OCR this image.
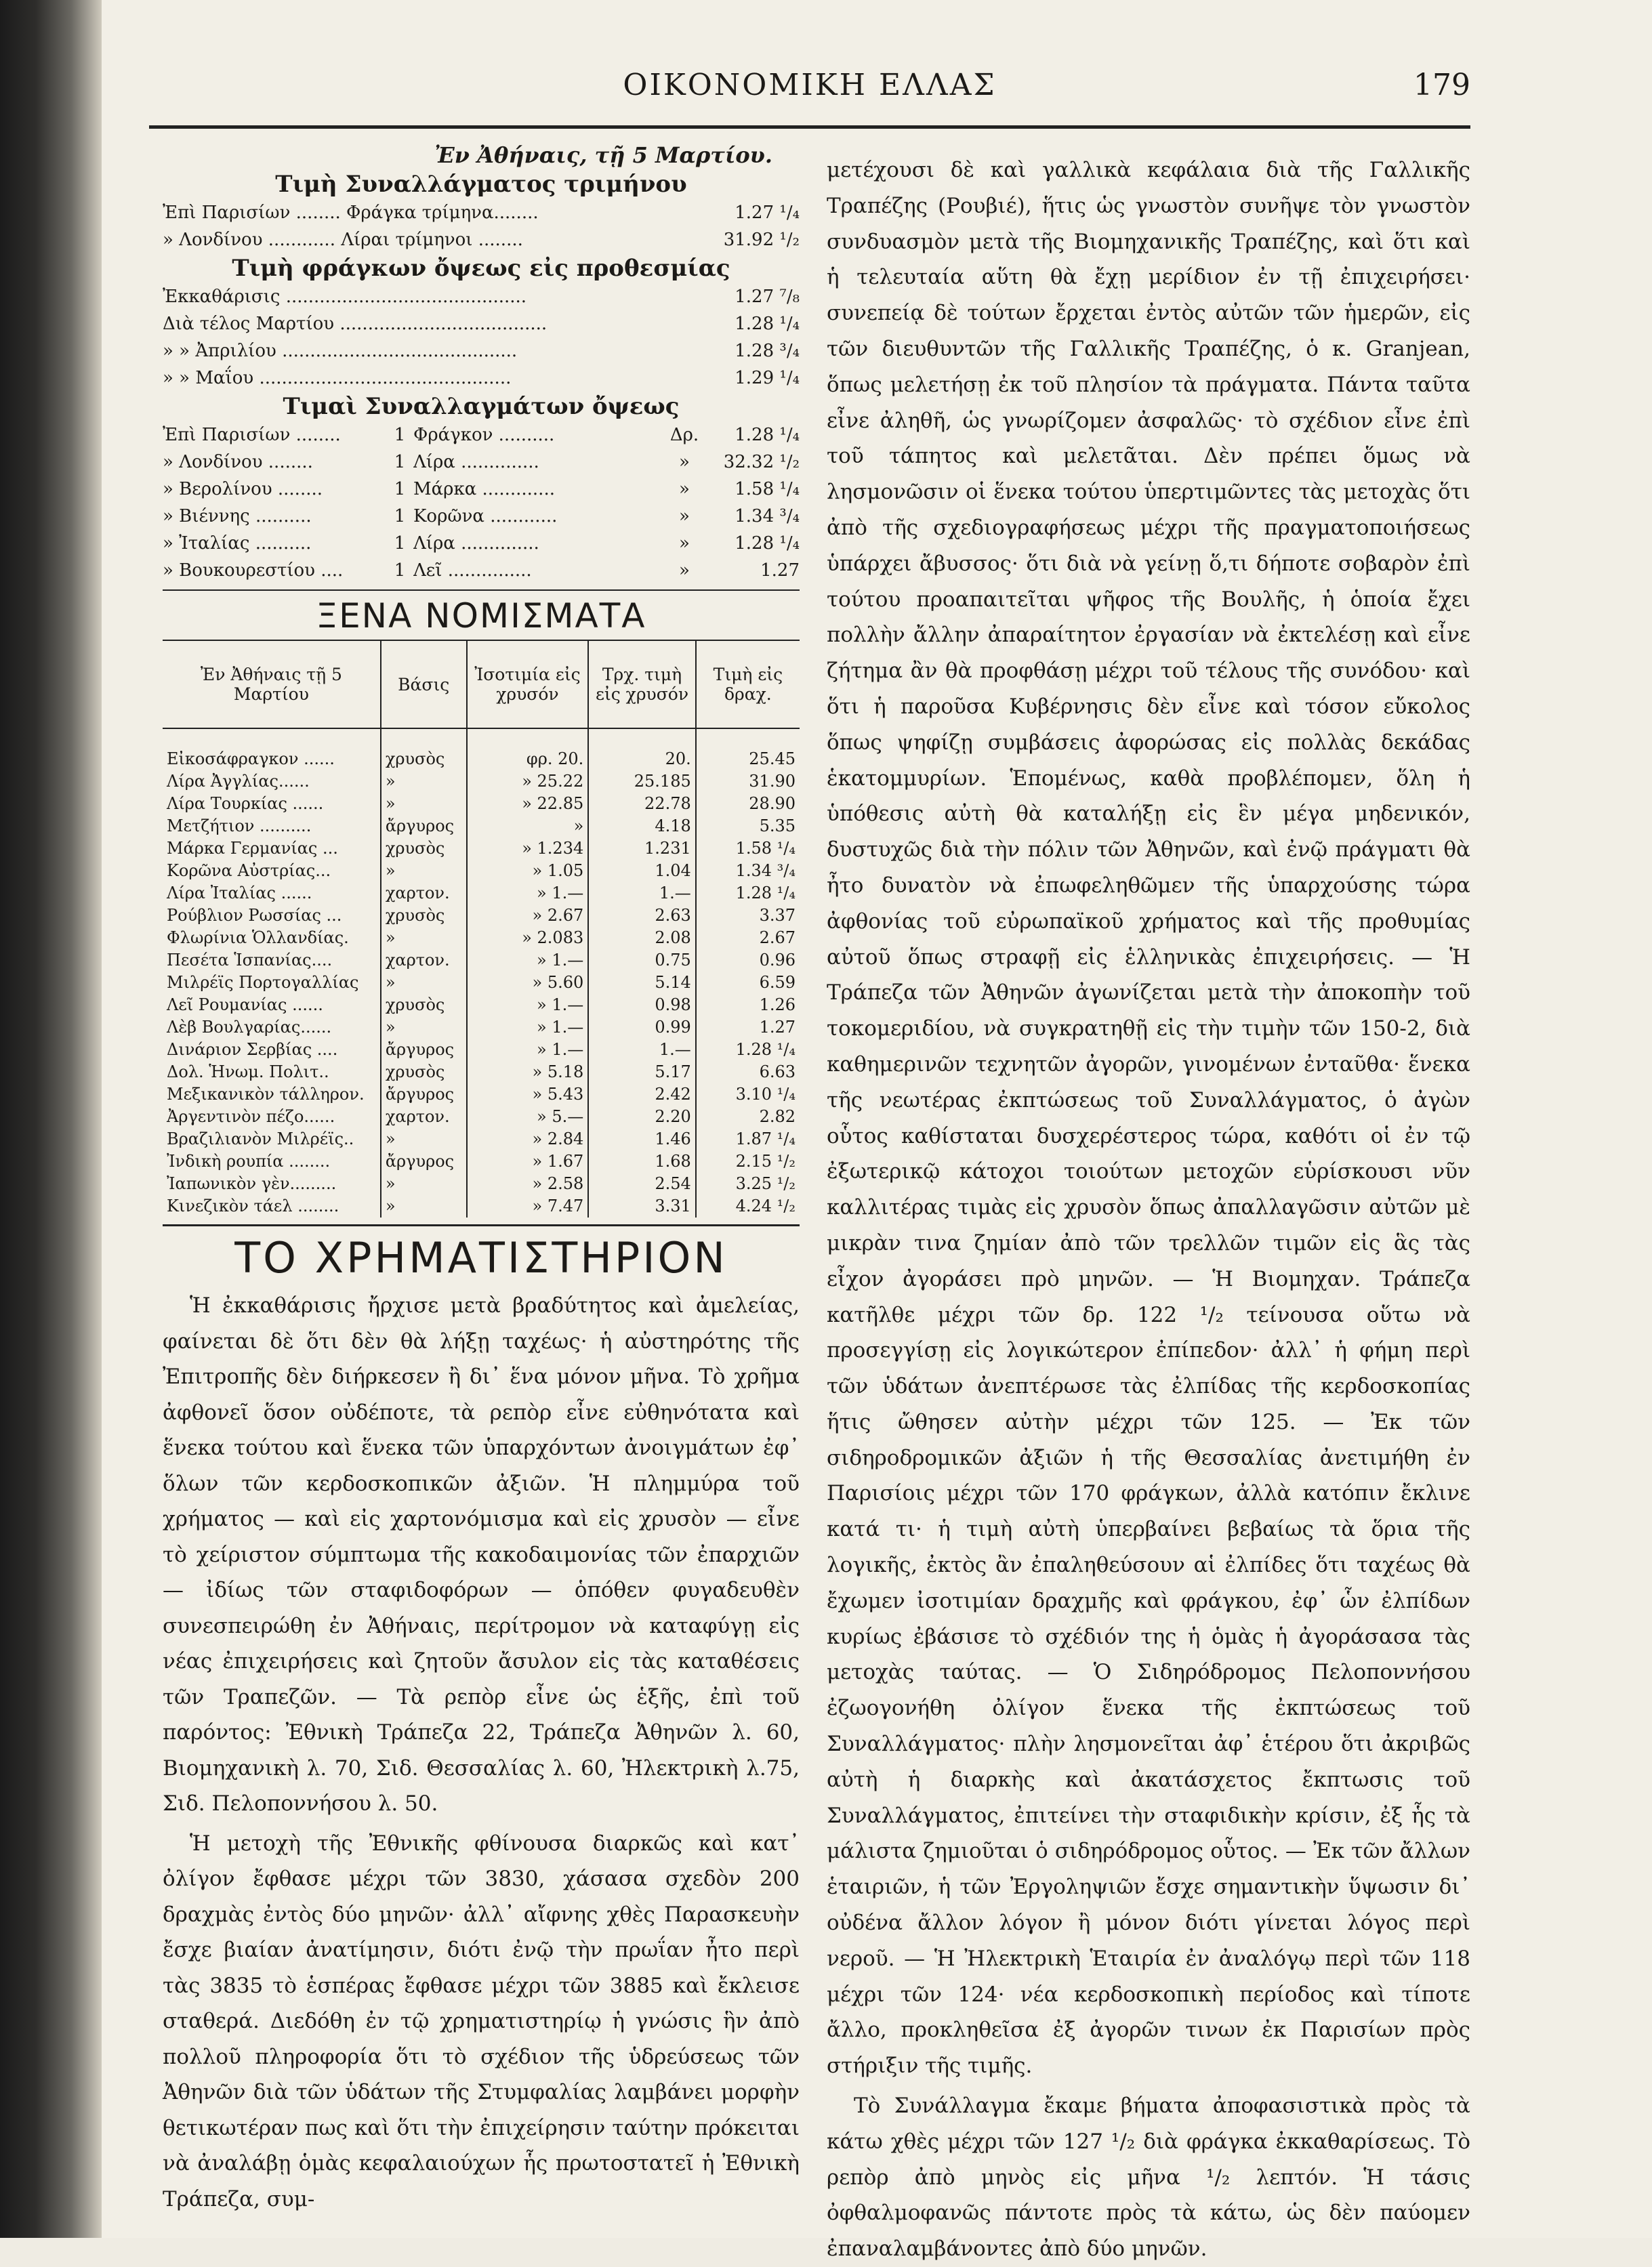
ΟΙΚΟΝΟΜΙΚΗ ΕΛΛΑΣ	179
Ἐν Ἀθήναις, τῇ 5 Μαρτίου.
Τιμὴ Συναλλάγματος τριμήνου
Ἐπὶ Παρισίων ........ Φράγκα τρίμηνα........	1.27 ¹/₄
» Λονδίνου ............ Λίραι τρίμηνοι ........	31.92 ¹/₂
Τιμὴ φράγκων ὄψεως εἰς προθεσμίας
Ἐκκαθάρισις ...........................................	1.27 ⁷/₈
Διὰ τέλος Μαρτίου .....................................	1.28 ¹/₄
» » Ἀπριλίου ..........................................	1.28 ³/₄
» » Μαΐου .............................................	1.29 ¹/₄
Τιμαὶ Συναλλαγμάτων ὄψεως
Ἐπὶ Παρισίων ........	1 Φράγκον ..........	Δρ.	1.28 ¹/₄
» Λονδίνου ........	1 Λίρα ..............	»	32.32 ¹/₂
» Βερολίνου ........	1 Μάρκα .............	»	1.58 ¹/₄
» Βιέννης ..........	1 Κορῶνα ............	»	1.34 ³/₄
» Ἰταλίας ..........	1 Λίρα ..............	»	1.28 ¹/₄
» Βουκουρεστίου ....	1 Λεῖ ...............	»	1.27
ΞΕΝΑ ΝΟΜΙΣΜΑΤΑ
Ἐν Ἀθήναις τῇ 5 Μαρτίου	Βάσις	Ἰσοτιμία εἰς χρυσόν	Τρχ. τιμὴ εἰς χρυσόν	Τιμὴ εἰς δραχ.
Εἰκοσάφραγκον ......	χρυσὸς	φρ. 20.	20.	25.45
Λίρα Ἀγγλίας......	»	» 25.22	25.185	31.90
Λίρα Τουρκίας ......	»	» 22.85	22.78	28.90
Μετζήτιον ..........	ἄργυρος	»	4.18	5.35
Μάρκα Γερμανίας ...	χρυσὸς	» 1.234	1.231	1.58 ¹/₄
Κορῶνα Αὐστρίας...	»	» 1.05	1.04	1.34 ³/₄
Λίρα Ἰταλίας ......	χαρτον.	» 1.—	1.—	1.28 ¹/₄
Ρούβλιον Ρωσσίας ...	χρυσὸς	» 2.67	2.63	3.37
Φλωρίνια Ὁλλανδίας.	»	» 2.083	2.08	2.67
Πεσέτα Ἱσπανίας....	χαρτον.	» 1.—	0.75	0.96
Μιλρέϊς Πορτογαλλίας	»	» 5.60	5.14	6.59
Λεῖ Ρουμανίας ......	χρυσὸς	» 1.—	0.98	1.26
Λὲβ Βουλγαρίας......	»	» 1.—	0.99	1.27
Δινάριον Σερβίας ....	ἄργυρος	» 1.—	1.—	1.28 ¹/₄
Δολ. Ἡνωμ. Πολιτ..	χρυσὸς	» 5.18	5.17	6.63
Μεξικανικὸν τάλληρον.	ἄργυρος	» 5.43	2.42	3.10 ¹/₄
Ἀργεντινὸν πέζο......	χαρτον.	» 5.—	2.20	2.82
Βραζιλιανὸν Μιλρέϊς..	»	» 2.84	1.46	1.87 ¹/₄
Ἰνδικὴ ρουπία ........	ἄργυρος	» 1.67	1.68	2.15 ¹/₂
Ἰαπωνικὸν γὲν.........	»	» 2.58	2.54	3.25 ¹/₂
Κινεζικὸν τάελ ........	»	» 7.47	3.31	4.24 ¹/₂
ΤΟ ΧΡΗΜΑΤΙΣΤΗΡΙΟΝ

Ἡ ἐκκαθάρισις ἤρχισε μετὰ βραδύτητος καὶ ἀμελείας, φαίνεται δὲ ὅτι δὲν θὰ λήξῃ ταχέως· ἡ αὐστηρότης τῆς Ἐπιτροπῆς δὲν διήρκεσεν ἢ δι᾿ ἕνα μόνον μῆνα. Τὸ χρῆμα ἀφθονεῖ ὅσον οὐδέποτε, τὰ ρεπὸρ εἶνε εὐθηνότατα καὶ ἕνεκα τούτου καὶ ἕνεκα τῶν ὑπαρχόντων ἀνοιγμάτων ἐφ᾿ ὅλων τῶν κερδοσκοπικῶν ἀξιῶν. Ἡ πλημμύρα τοῦ χρήματος — καὶ εἰς χαρτονόμισμα καὶ εἰς χρυσὸν — εἶνε τὸ χείριστον σύμπτωμα τῆς κακοδαιμονίας τῶν ἐπαρχιῶν — ἰδίως τῶν σταφιδοφόρων — ὁπόθεν φυγαδευθὲν συνεσπειρώθη ἐν Ἀθήναις, περίτρομον νὰ καταφύγῃ εἰς νέας ἐπιχειρήσεις καὶ ζητοῦν ἄσυλον εἰς τὰς καταθέσεις τῶν Τραπεζῶν. — Τὰ ρεπὸρ εἶνε ὡς ἑξῆς, ἐπὶ τοῦ παρόντος: Ἐθνικὴ Τράπεζα 22, Τράπεζα Ἀθηνῶν λ. 60, Βιομηχανικὴ λ. 70, Σιδ. Θεσσαλίας λ. 60, Ἠλεκτρικὴ λ.75, Σιδ. Πελοποννήσου λ. 50.

Ἡ μετοχὴ τῆς Ἐθνικῆς φθίνουσα διαρκῶς καὶ κατ᾿ ὀλίγον ἔφθασε μέχρι τῶν 3830, χάσασα σχεδὸν 200 δραχμὰς ἐντὸς δύο μηνῶν· ἀλλ᾿ αἴφνης χθὲς Παρασκευὴν ἔσχε βιαίαν ἀνατίμησιν, διότι ἐνῷ τὴν πρωΐαν ἦτο περὶ τὰς 3835 τὸ ἑσπέρας ἔφθασε μέχρι τῶν 3885 καὶ ἔκλεισε σταθερά. Διεδόθη ἐν τῷ χρηματιστηρίῳ ἡ γνώσις ἣν ἀπὸ πολλοῦ πληροφορία ὅτι τὸ σχέδιον τῆς ὑδρεύσεως τῶν Ἀθηνῶν διὰ τῶν ὑδάτων τῆς Στυμφαλίας λαμβάνει μορφὴν θετικωτέραν πως καὶ ὅτι τὴν ἐπιχείρησιν ταύτην πρόκειται νὰ ἀναλάβῃ ὁμὰς κεφαλαιούχων ἧς πρωτοστατεῖ ἡ Ἐθνικὴ Τράπεζα, συμ-

μετέχουσι δὲ καὶ γαλλικὰ κεφάλαια διὰ τῆς Γαλλικῆς Τραπέζης (Ρουβιέ), ἥτις ὡς γνωστὸν συνῆψε τὸν γνωστὸν συνδυασμὸν μετὰ τῆς Βιομηχανικῆς Τραπέζης, καὶ ὅτι καὶ ἡ τελευταία αὕτη θὰ ἔχῃ μερίδιον ἐν τῇ ἐπιχειρήσει· συνεπείᾳ δὲ τούτων ἔρχεται ἐντὸς αὐτῶν τῶν ἡμερῶν, εἰς τῶν διευθυντῶν τῆς Γαλλικῆς Τραπέζης, ὁ κ. Granjean, ὅπως μελετήσῃ ἐκ τοῦ πλησίον τὰ πράγματα. Πάντα ταῦτα εἶνε ἀληθῆ, ὡς γνωρίζομεν ἀσφαλῶς· τὸ σχέδιον εἶνε ἐπὶ τοῦ τάπητος καὶ μελετᾶται. Δὲν πρέπει ὅμως νὰ λησμονῶσιν οἱ ἕνεκα τούτου ὑπερτιμῶντες τὰς μετοχὰς ὅτι ἀπὸ τῆς σχεδιογραφήσεως μέχρι τῆς πραγματοποιήσεως ὑπάρχει ἄβυσσος· ὅτι διὰ νὰ γείνῃ ὅ,τι δήποτε σοβαρὸν ἐπὶ τούτου προαπαιτεῖται ψῆφος τῆς Βουλῆς, ἡ ὁποία ἔχει πολλὴν ἄλλην ἀπαραίτητον ἐργασίαν νὰ ἐκτελέσῃ καὶ εἶνε ζήτημα ἂν θὰ προφθάσῃ μέχρι τοῦ τέλους τῆς συνόδου· καὶ ὅτι ἡ παροῦσα Κυβέρνησις δὲν εἶνε καὶ τόσον εὔκολος ὅπως ψηφίζῃ συμβάσεις ἀφορώσας εἰς πολλὰς δεκάδας ἑκατομμυρίων. Ἑπομένως, καθὰ προβλέπομεν, ὅλη ἡ ὑπόθεσις αὐτὴ θὰ καταλήξῃ εἰς ἓν μέγα μηδενικόν, δυστυχῶς διὰ τὴν πόλιν τῶν Ἀθηνῶν, καὶ ἐνῷ πράγματι θὰ ἦτο δυνατὸν νὰ ἐπωφεληθῶμεν τῆς ὑπαρχούσης τώρα ἀφθονίας τοῦ εὐρωπαϊκοῦ χρήματος καὶ τῆς προθυμίας αὐτοῦ ὅπως στραφῇ εἰς ἑλληνικὰς ἐπιχειρήσεις. — Ἡ Τράπεζα τῶν Ἀθηνῶν ἀγωνίζεται μετὰ τὴν ἀποκοπὴν τοῦ τοκομεριδίου, νὰ συγκρατηθῇ εἰς τὴν τιμὴν τῶν 150-2, διὰ καθημερινῶν τεχνητῶν ἀγορῶν, γινομένων ἐνταῦθα· ἕνεκα τῆς νεωτέρας ἐκπτώσεως τοῦ Συναλλάγματος, ὁ ἀγὼν οὗτος καθίσταται δυσχερέστερος τώρα, καθότι οἱ ἐν τῷ ἐξωτερικῷ κάτοχοι τοιούτων μετοχῶν εὑρίσκουσι νῦν καλλιτέρας τιμὰς εἰς χρυσὸν ὅπως ἀπαλλαγῶσιν αὐτῶν μὲ μικρὰν τινα ζημίαν ἀπὸ τῶν τρελλῶν τιμῶν εἰς ἃς τὰς εἶχον ἀγοράσει πρὸ μηνῶν. — Ἡ Βιομηχαν. Τράπεζα κατῆλθε μέχρι τῶν δρ. 122 ¹/₂ τείνουσα οὕτω νὰ προσεγγίσῃ εἰς λογικώτερον ἐπίπεδον· ἀλλ᾿ ἡ φήμη περὶ τῶν ὑδάτων ἀνεπτέρωσε τὰς ἐλπίδας τῆς κερδοσκοπίας ἥτις ὤθησεν αὐτὴν μέχρι τῶν 125. — Ἐκ τῶν σιδηροδρομικῶν ἀξιῶν ἡ τῆς Θεσσαλίας ἀνετιμήθη ἐν Παρισίοις μέχρι τῶν 170 φράγκων, ἀλλὰ κατόπιν ἔκλινε κατά τι· ἡ τιμὴ αὐτὴ ὑπερβαίνει βεβαίως τὰ ὅρια τῆς λογικῆς, ἐκτὸς ἂν ἐπαληθεύσουν αἱ ἐλπίδες ὅτι ταχέως θὰ ἔχωμεν ἰσοτιμίαν δραχμῆς καὶ φράγκου, ἐφ᾿ ὧν ἐλπίδων κυρίως ἐβάσισε τὸ σχέδιόν της ἡ ὁμὰς ἡ ἀγοράσασα τὰς μετοχὰς ταύτας. — Ὁ Σιδηρόδρομος Πελοποννήσου ἐζωογονήθη ὀλίγον ἕνεκα τῆς ἐκπτώσεως τοῦ Συναλλάγματος· πλὴν λησμονεῖται ἀφ᾿ ἑτέρου ὅτι ἀκριβῶς αὐτὴ ἡ διαρκὴς καὶ ἀκατάσχετος ἔκπτωσις τοῦ Συναλλάγματος, ἐπιτείνει τὴν σταφιδικὴν κρίσιν, ἐξ ἧς τὰ μάλιστα ζημιοῦται ὁ σιδηρόδρομος οὗτος. — Ἐκ τῶν ἄλλων ἑταιριῶν, ἡ τῶν Ἐργοληψιῶν ἔσχε σημαντικὴν ὕψωσιν δι᾿ οὐδένα ἄλλον λόγον ἢ μόνον διότι γίνεται λόγος περὶ νεροῦ. — Ἡ Ἠλεκτρικὴ Ἑταιρία ἐν ἀναλόγῳ περὶ τῶν 118 μέχρι τῶν 124· νέα κερδοσκοπικὴ περίοδος καὶ τίποτε ἄλλο, προκληθεῖσα ἐξ ἀγορῶν τινων ἐκ Παρισίων πρὸς στήριξιν τῆς τιμῆς.

Τὸ Συνάλλαγμα ἔκαμε βήματα ἀποφασιστικὰ πρὸς τὰ κάτω χθὲς μέχρι τῶν 127 ¹/₂ διὰ φράγκα ἐκκαθαρίσεως. Τὸ ρεπὸρ ἀπὸ μηνὸς εἰς μῆνα ¹/₂ λεπτόν. Ἡ τάσις ὀφθαλμοφανῶς πάντοτε πρὸς τὰ κάτω, ὡς δὲν παύομεν ἐπαναλαμβάνοντες ἀπὸ δύο μηνῶν.
